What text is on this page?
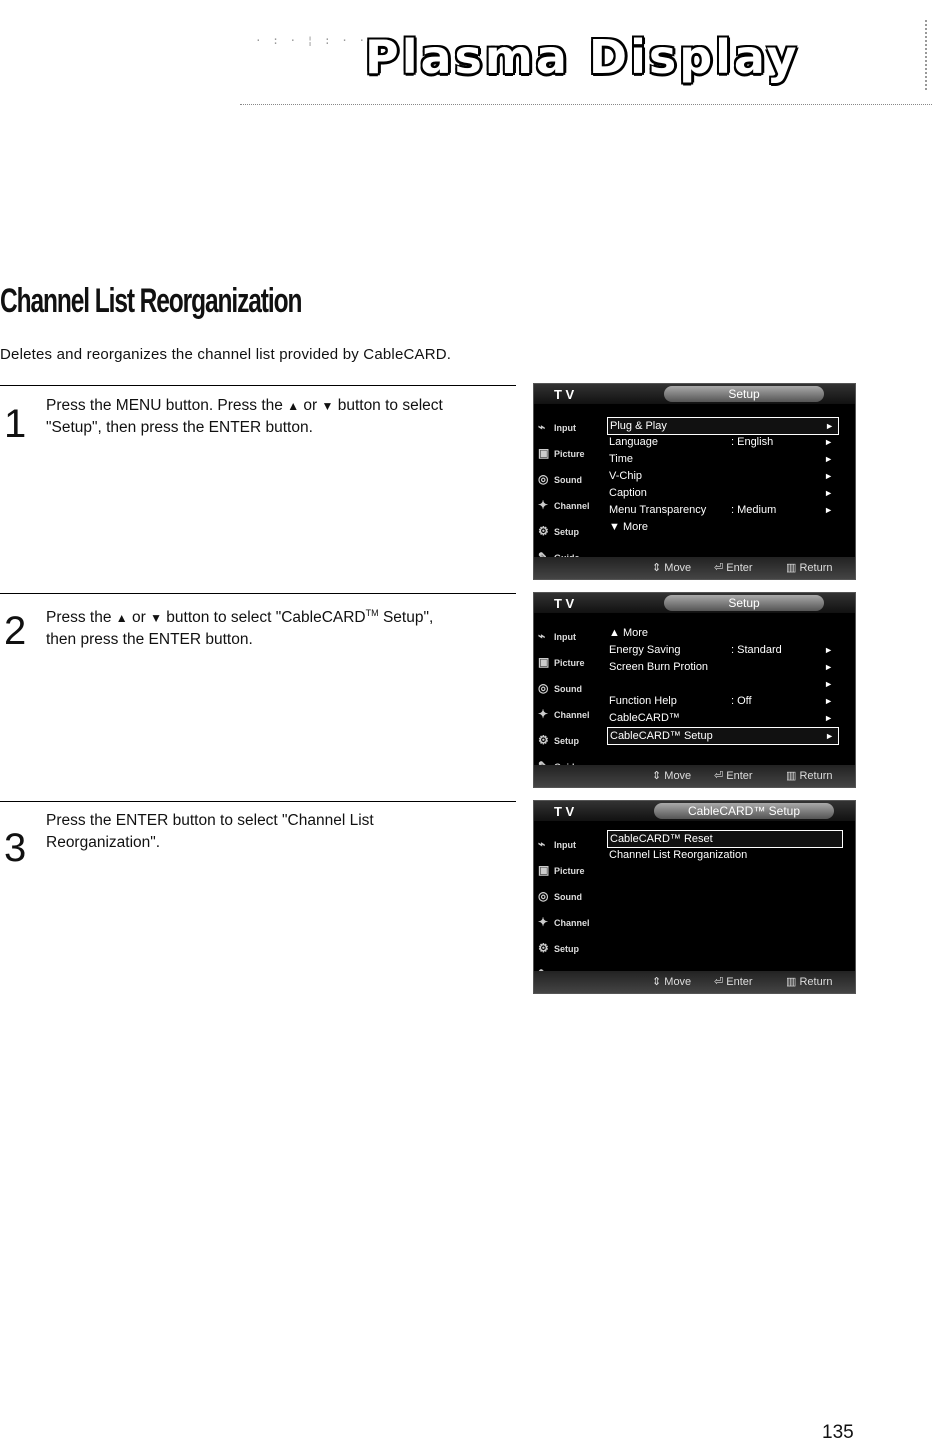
· : · ¦ : · ·
Plasma Display
Channel List Reorganization
Deletes and reorganizes the channel list provided by CableCARD.
1 Press the MENU button. Press the ▲ or ▼ button to select
"Setup", then press the ENTER button.
2 Press the ▲ or ▼ button to select "CableCARD™ Setup",
then press the ENTER button.
3
Press the ENTER button to select "Channel List
Reorganization".
T V	Setup
⌁ Input
▣ Picture
◎ Sound
✦ Channel
⚙ Setup
Plug & Play	►
Language	: English	►
Time	►
V-Chip	►
Caption	►
Menu Transparency : Medium	►
▼ More
⇕ Move ⏎ Enter	▥ Return
T V	Setup
⌁ Input
▣ Picture
◎ Sound
✦ Channel
⚙ Setup
▲ More
Energy Saving	: Standard	►
Screen Burn Protion	►
►
Function Help	: Off	►
CableCARD™	►
CableCARD™ Setup	►
⇕ Move ⏎ Enter	▥ Return
T V	CableCARD™ Setup
⌁ Input
▣ Picture
◎ Sound
✦ Channel
⚙ Setup
CableCARD™ Reset
Channel List Reorganization
⇕ Move ⏎ Enter	▥ Return
135
